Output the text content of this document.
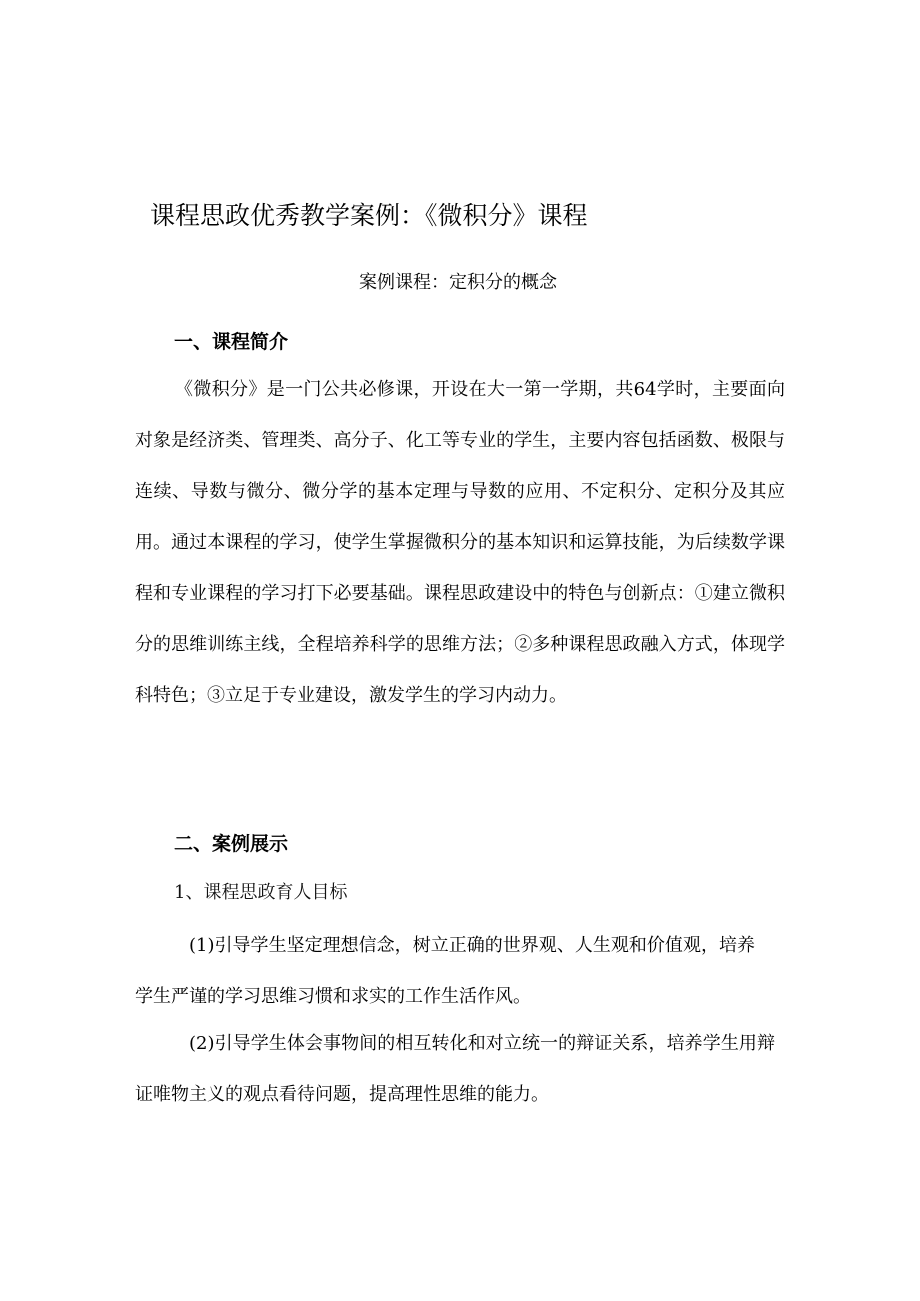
课程思政优秀教学案例：《微积分》课程
案例课程：定积分的概念
一、课程简介

《微积分》是一门公共必修课，开设在大一第一学期，共64学时，主要面向对象是经济类、管理类、高分子、化工等专业的学生，主要内容包括函数、极限与连续、导数与微分、微分学的基本定理与导数的应用、不定积分、定积分及其应用。通过本课程的学习，使学生掌握微积分的基本知识和运算技能，为后续数学课程和专业课程的学习打下必要基础。课程思政建设中的特色与创新点：①建立微积分的思维训练主线，全程培养科学的思维方法；②多种课程思政融入方式，体现学科特色；③立足于专业建设，激发学生的学习内动力。

二、案例展示
1、课程思政育人目标

(1)引导学生坚定理想信念，树立正确的世界观、人生观和价值观，培养学生严谨的学习思维习惯和求实的工作生活作风。

(2)引导学生体会事物间的相互转化和对立统一的辩证关系，培养学生用辩证唯物主义的观点看待问题，提高理性思维的能力。
